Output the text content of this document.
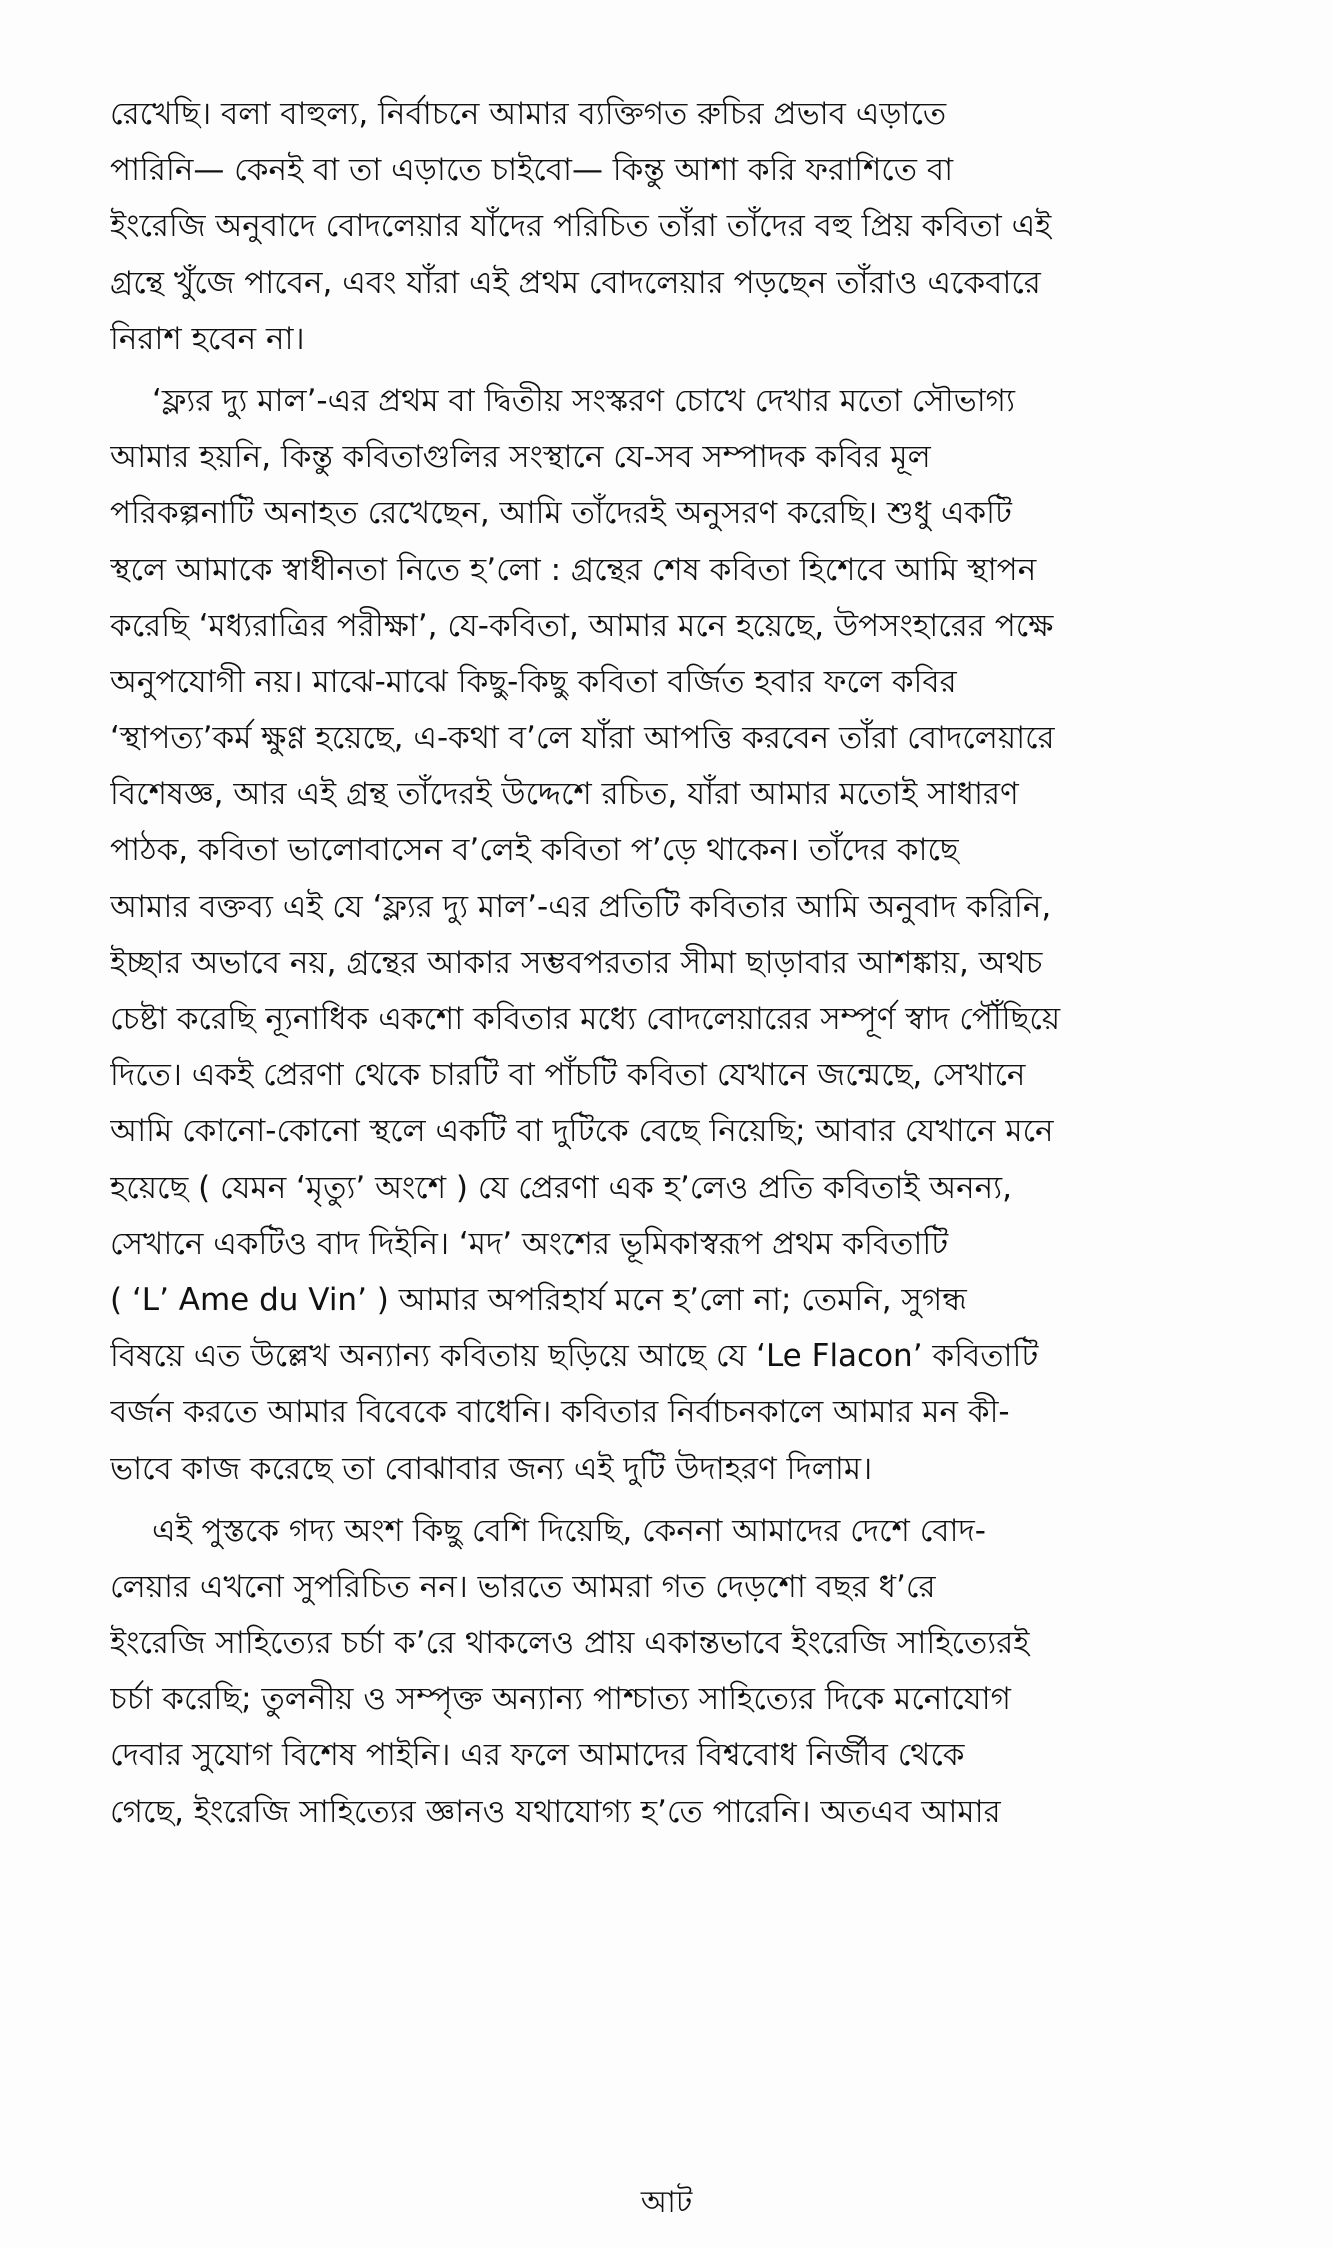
রেখেছি। বলা বাহুল্য, নির্বাচনে আমার ব্যক্তিগত রুচির প্রভাব এড়াতে
পারিনি— কেনই বা তা এড়াতে চাইবো— কিন্তু আশা করি ফরাশিতে বা
ইংরেজি অনুবাদে বোদলেয়ার যাঁদের পরিচিত তাঁরা তাঁদের বহু প্রিয় কবিতা এই
গ্রন্থে খুঁজে পাবেন, এবং যাঁরা এই প্রথম বোদলেয়ার পড়ছেন তাঁরাও একেবারে
নিরাশ হবেন না।
‘ফ্ল্যর দ্যু মাল’-এর প্রথম বা দ্বিতীয় সংস্করণ চোখে দেখার মতো সৌভাগ্য
আমার হয়নি, কিন্তু কবিতাগুলির সংস্থানে যে-সব সম্পাদক কবির মূল
পরিকল্পনাটি অনাহত রেখেছেন, আমি তাঁদেরই অনুসরণ করেছি। শুধু একটি
স্থলে আমাকে স্বাধীনতা নিতে হ’লো : গ্রন্থের শেষ কবিতা হিশেবে আমি স্থাপন
করেছি ‘মধ্যরাত্রির পরীক্ষা’, যে-কবিতা, আমার মনে হয়েছে, উপসংহারের পক্ষে
অনুপযোগী নয়। মাঝে-মাঝে কিছু-কিছু কবিতা বর্জিত হবার ফলে কবির
‘স্থাপত্য’কর্ম ক্ষুণ্ণ হয়েছে, এ-কথা ব’লে যাঁরা আপত্তি করবেন তাঁরা বোদলেয়ারে
বিশেষজ্ঞ, আর এই গ্রন্থ তাঁদেরই উদ্দেশে রচিত, যাঁরা আমার মতোই সাধারণ
পাঠক, কবিতা ভালোবাসেন ব’লেই কবিতা প’ড়ে থাকেন। তাঁদের কাছে
আমার বক্তব্য এই যে ‘ফ্ল্যর দ্যু মাল’-এর প্রতিটি কবিতার আমি অনুবাদ করিনি,
ইচ্ছার অভাবে নয়, গ্রন্থের আকার সম্ভবপরতার সীমা ছাড়াবার আশঙ্কায়, অথচ
চেষ্টা করেছি ন্যূনাধিক একশো কবিতার মধ্যে বোদলেয়ারের সম্পূর্ণ স্বাদ পৌঁছিয়ে
দিতে। একই প্রেরণা থেকে চারটি বা পাঁচটি কবিতা যেখানে জন্মেছে, সেখানে
আমি কোনো-কোনো স্থলে একটি বা দুটিকে বেছে নিয়েছি; আবার যেখানে মনে
হয়েছে ( যেমন ‘মৃত্যু’ অংশে ) যে প্রেরণা এক হ’লেও প্রতি কবিতাই অনন্য,
সেখানে একটিও বাদ দিইনি। ‘মদ’ অংশের ভূমিকাস্বরূপ প্রথম কবিতাটি
( ‘L’ Ame du Vin’ ) আমার অপরিহার্য মনে হ’লো না; তেমনি, সুগন্ধ
বিষয়ে এত উল্লেখ অন্যান্য কবিতায় ছড়িয়ে আছে যে ‘Le Flacon’ কবিতাটি
বর্জন করতে আমার বিবেকে বাধেনি। কবিতার নির্বাচনকালে আমার মন কী-
ভাবে কাজ করেছে তা বোঝাবার জন্য এই দুটি উদাহরণ দিলাম।
এই পুস্তকে গদ্য অংশ কিছু বেশি দিয়েছি, কেননা আমাদের দেশে বোদ-
লেয়ার এখনো সুপরিচিত নন। ভারতে আমরা গত দেড়শো বছর ধ’রে
ইংরেজি সাহিত্যের চর্চা ক’রে থাকলেও প্রায় একান্তভাবে ইংরেজি সাহিত্যেরই
চর্চা করেছি; তুলনীয় ও সম্পৃক্ত অন্যান্য পাশ্চাত্য সাহিত্যের দিকে মনোযোগ
দেবার সুযোগ বিশেষ পাইনি। এর ফলে আমাদের বিশ্ববোধ নির্জীব থেকে
গেছে, ইংরেজি সাহিত্যের জ্ঞানও যথাযোগ্য হ’তে পারেনি। অতএব আমার
আট
